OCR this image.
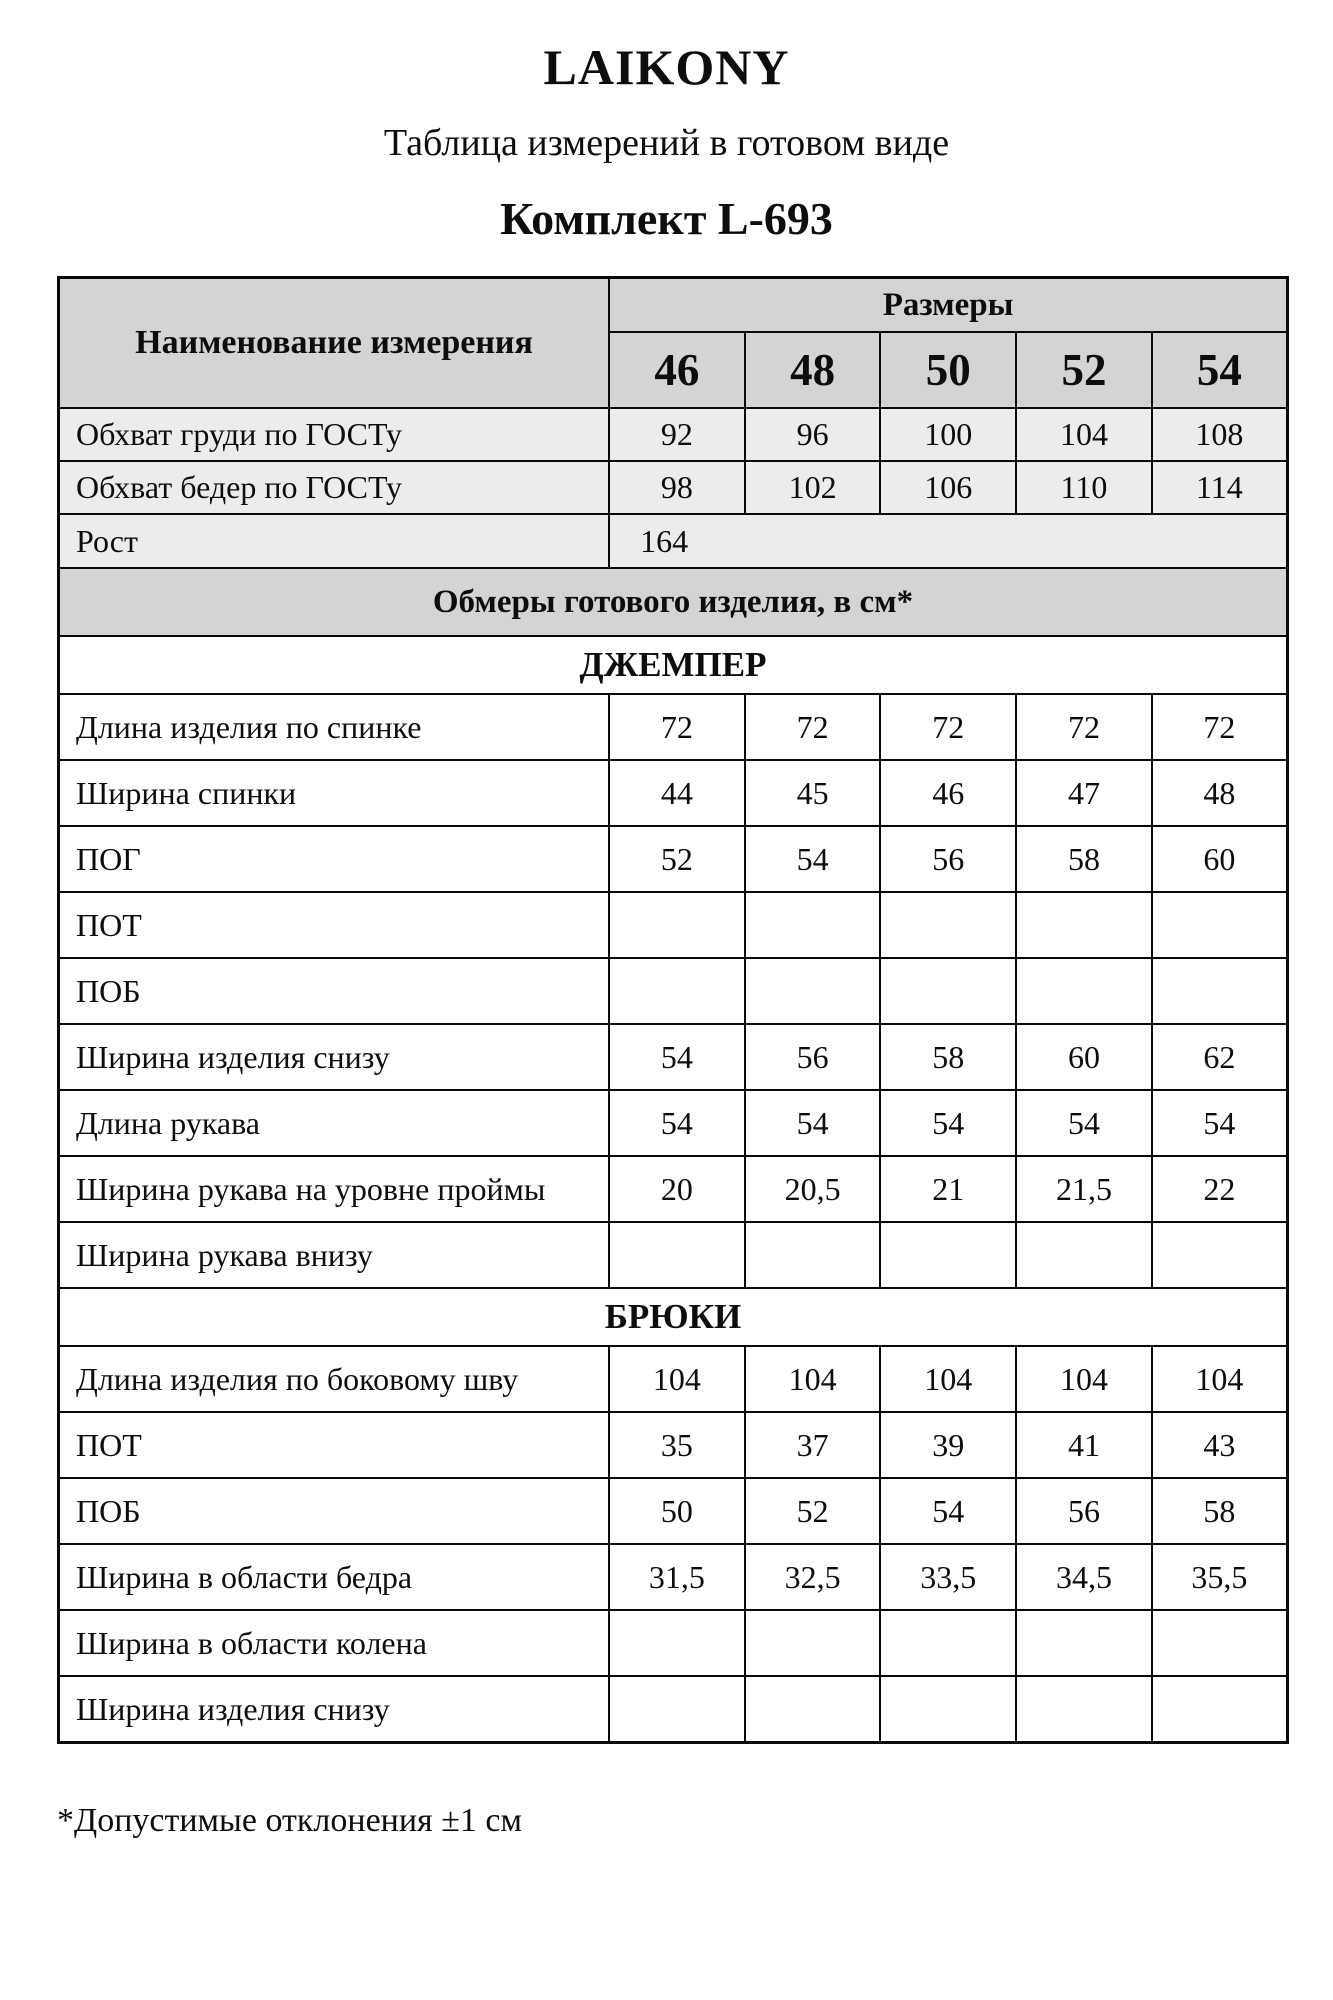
LAIKONY
Таблица измерений в готовом виде
Комплект L-693
Наименование измерения	Размеры				
	46	48	50	52	54
Обхват груди по ГОСТу	92	96	100	104	108
Обхват бедер по ГОСТу	98	102	106	110	114
Рост	164				
Обмеры готового изделия, в см*					
ДЖЕМПЕР					
Длина изделия по спинке	72	72	72	72	72
Ширина спинки	44	45	46	47	48
ПОГ	52	54	56	58	60
ПОТ					
ПОБ					
Ширина изделия снизу	54	56	58	60	62
Длина рукава	54	54	54	54	54
Ширина рукава на уровне проймы	20	20,5	21	21,5	22
Ширина рукава внизу					
БРЮКИ					
Длина изделия по боковому шву	104	104	104	104	104
ПОТ	35	37	39	41	43
ПОБ	50	52	54	56	58
Ширина в области бедра	31,5	32,5	33,5	34,5	35,5
Ширина в области колена					
Ширина изделия снизу					
*Допустимые отклонения ±1 см
